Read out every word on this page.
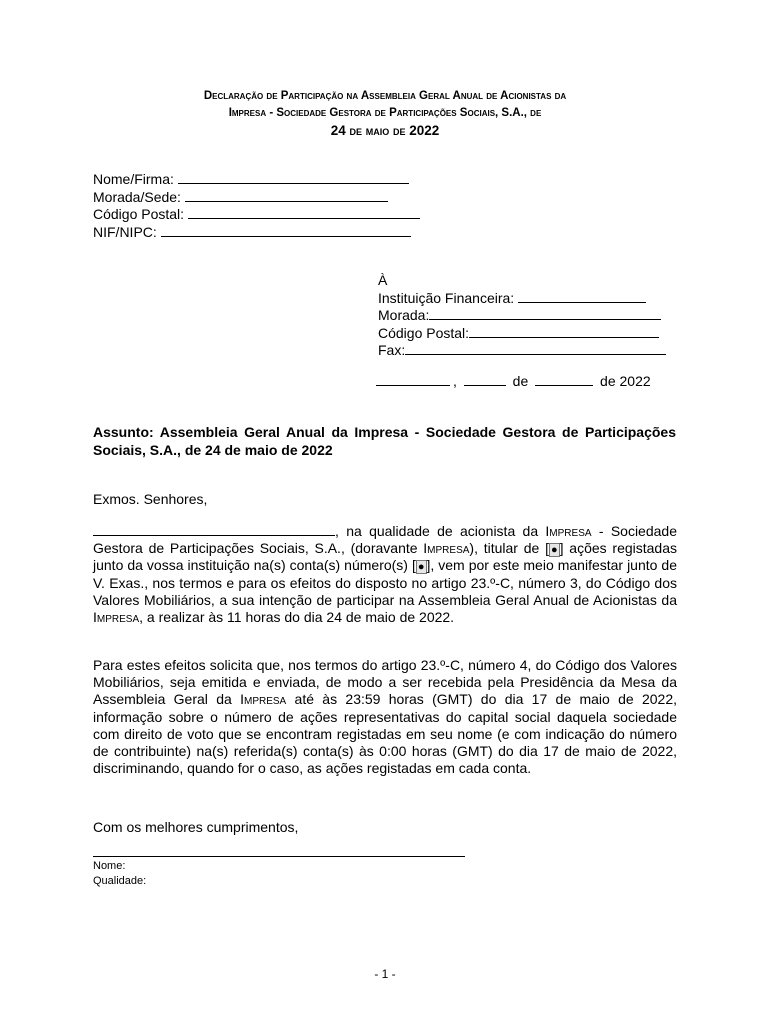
Declaração de Participação na Assembleia Geral Anual de Acionistas da
Impresa - Sociedade Gestora de Participações Sociais, S.A., de
24 de maio de 2022
Nome/Firma:
Morada/Sede:
Código Postal:
NIF/NIPC:
À
Instituição Financeira:
Morada:
Código Postal:
Fax:
,	de	de 2022
Assunto: Assembleia Geral Anual da Impresa - Sociedade Gestora de Participações Sociais, S.A., de 24 de maio de 2022
Exmos. Senhores,
, na qualidade de acionista da Impresa - Sociedade Gestora de Participações Sociais, S.A., (doravante Impresa), titular de [ ● ] ações registadas junto da vossa instituição na(s) conta(s) número(s) [ ● ], vem por este meio manifestar junto de V. Exas., nos termos e para os efeitos do disposto no artigo 23.º-C, número 3, do Código dos Valores Mobiliários, a sua intenção de participar na Assembleia Geral Anual de Acionistas da Impresa, a realizar às 11 horas do dia 24 de maio de 2022.
Para estes efeitos solicita que, nos termos do artigo 23.º-C, número 4, do Código dos Valores Mobiliários, seja emitida e enviada, de modo a ser recebida pela Presidência da Mesa da Assembleia Geral da Impresa até às 23:59 horas (GMT) do dia 17 de maio de 2022, informação sobre o número de ações representativas do capital social daquela sociedade com direito de voto que se encontram registadas em seu nome (e com indicação do número de contribuinte) na(s) referida(s) conta(s) às 0:00 horas (GMT) do dia 17 de maio de 2022, discriminando, quando for o caso, as ações registadas em cada conta.
Com os melhores cumprimentos,
Nome:
Qualidade:
- 1 -
